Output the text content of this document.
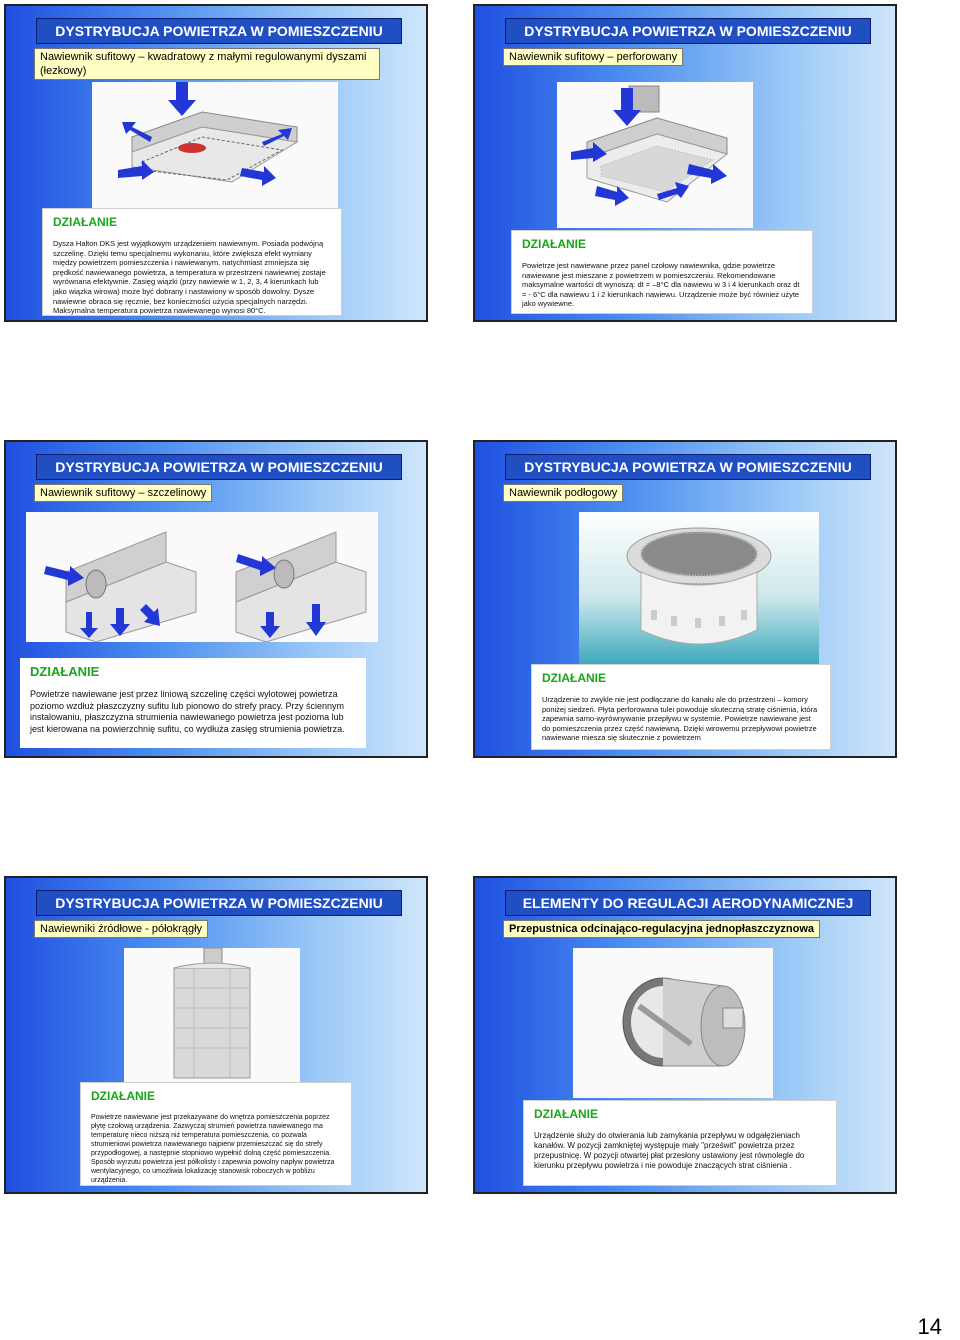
DYSTRYBUCJA POWIETRZA W POMIESZCZENIU
Nawiewnik sufitowy – kwadratowy z małymi regulowanymi dyszami (łezkowy)
DZIAŁANIE
Dysza Halton DKS jest wyjątkowym urządzeniem nawiewnym. Posiada podwójną szczelinę. Dzięki temu specjalnemu wykonaniu, które zwiększa efekt wymiany między powietrzem pomieszczenia i nawiewanym, natychmiast zmniejsza się prędkość nawiewanego powietrza, a temperatura w przestrzeni nawiewnej zostaje wyrównana efektywnie. Zasięg wiązki (przy nawiewie w 1, 2, 3, 4 kierunkach lub jako wiązka wirowa) może być dobrany i nastawiony w sposób dowolny. Dysze nawiewne obraca się ręcznie, bez konieczności użycia specjalnych narzędzi. Maksymalna temperatura powietrza nawiewanego wynosi 80°C.
DYSTRYBUCJA POWIETRZA W POMIESZCZENIU
Nawiewnik sufitowy – perforowany
DZIAŁANIE
Powietrze jest nawiewane przez panel czołowy nawiewnika, gdzie powietrze nawiewane jest mieszane z powietrzem w pomieszczeniu. Rekomendowane maksymalne wartości dt wynoszą: dt = –8°C dla nawiewu w 3 i 4 kierunkach oraz dt = - 6°C dla nawiewu 1 i 2 kierunkach nawiewu. Urządzenie może być również użyte jako wywiewne.
DYSTRYBUCJA POWIETRZA W POMIESZCZENIU
Nawiewnik sufitowy – szczelinowy
DZIAŁANIE
Powietrze nawiewane jest przez liniową szczelinę części wylotowej powietrza poziomo wzdłuż płaszczyzny sufitu lub pionowo do strefy pracy. Przy ściennym instalowaniu, płaszczyzna strumienia nawiewanego powietrza jest pozioma lub jest kierowana na powierzchnię sufitu, co wydłuża zasięg strumienia powietrza.
DYSTRYBUCJA POWIETRZA W POMIESZCZENIU
Nawiewnik podłogowy
DZIAŁANIE
Urządzenie to zwykle nie jest podłączane do kanału ale do przestrzeni – komory poniżej siedzeń. Płyta perforowana tulei powoduje skuteczną stratę ciśnienia, która zapewnia samo-wyrównywanie przepływu w systemie. Powietrze nawiewane jest do pomieszczenia przez część nawiewną. Dzięki wirowemu przepływowi powietrze nawiewane miesza się skutecznie z powietrzem
DYSTRYBUCJA POWIETRZA W POMIESZCZENIU
Nawiewniki źródłowe - półokrągły
DZIAŁANIE
Powietrze nawiewane jest przekazywane do wnętrza pomieszczenia poprzez płytę czołową urządzenia. Zazwyczaj strumień powietrza nawiewanego ma temperaturę nieco niższą niż temperatura pomieszczenia, co pozwala strumieniowi powietrza nawiewanego najpierw przemieszczać się do strefy przypodłogowej, a następnie stopniowo wypełnić dolną część pomieszczenia. Sposób wyrzutu powietrza jest półkolisty i zapewnia powolny napływ powietrza wentylacyjnego, co umożliwia lokalizację stanowisk roboczych w pobliżu urządzenia.
ELEMENTY DO REGULACJI AERODYNAMICZNEJ
Przepustnica odcinająco-regulacyjna jednopłaszczyznowa
DZIAŁANIE
Urządzenie służy do otwierania lub zamykania przepływu w odgałęzieniach kanałów. W pozycji zamkniętej występuje mały "prześwit" powietrza przez przepustnicę. W pozycji otwartej płat przesłony ustawiony jest równolegle do kierunku przepływu powietrza i nie powoduje znaczących strat ciśnienia .
14
